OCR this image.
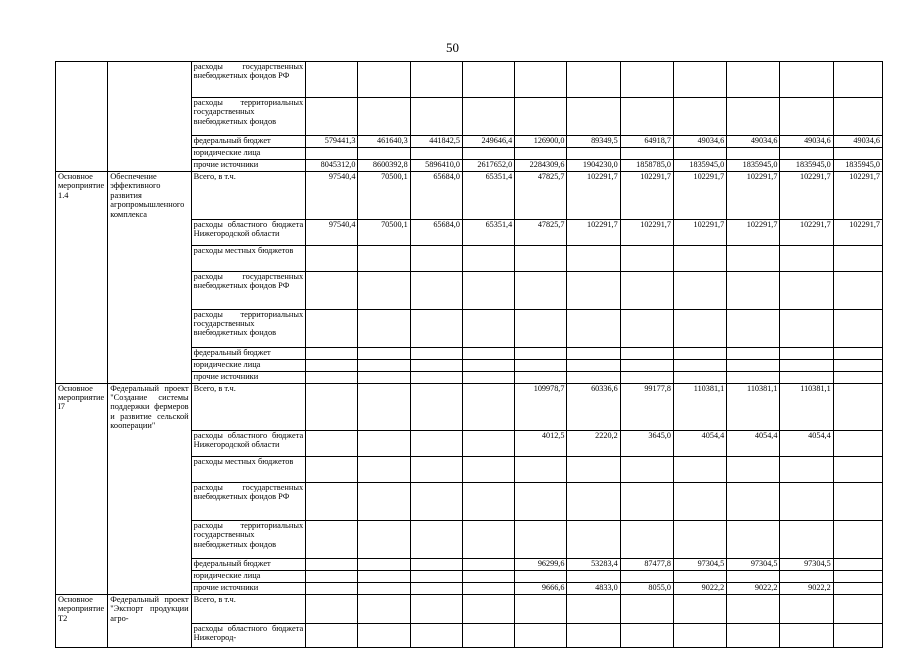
50
		расходы государственных внебюджетных фондов РФ											
		расходы территориальных государственных внебюджетных фондов											
		федеральный бюджет	579441,3	461640,3	441842,5	249646,4	126900,0	89349,5	64918,7	49034,6	49034,6	49034,6	49034,6
		юридические лица											
		прочие источники	8045312,0	8600392,8	5896410,0	2617652,0	2284309,6	1904230,0	1858785,0	1835945,0	1835945,0	1835945,0	1835945,0
Основное мероприятие 1.4	Обеспечение эффективного развития агропромышленного комплекса	Всего, в т.ч.	97540,4	70500,1	65684,0	65351,4	47825,7	102291,7	102291,7	102291,7	102291,7	102291,7	102291,7
		расходы областного бюджета Нижегородской области	97540,4	70500,1	65684,0	65351,4	47825,7	102291,7	102291,7	102291,7	102291,7	102291,7	102291,7
		расходы местных бюджетов											
		расходы государственных внебюджетных фондов РФ											
		расходы территориальных государственных внебюджетных фондов											
		федеральный бюджет											
		юридические лица											
		прочие источники											
Основное мероприятие I7	Федеральный проект "Создание системы поддержки фермеров и развитие сельской кооперации"	Всего, в т.ч.					109978,7	60336,6	99177,8	110381,1	110381,1	110381,1	
		расходы областного бюджета Нижегородской области					4012,5	2220,2	3645,0	4054,4	4054,4	4054,4	
		расходы местных бюджетов											
		расходы государственных внебюджетных фондов РФ											
		расходы территориальных государственных внебюджетных фондов											
		федеральный бюджет					96299,6	53283,4	87477,8	97304,5	97304,5	97304,5	
		юридические лица											
		прочие источники					9666,6	4833,0	8055,0	9022,2	9022,2	9022,2	
Основное мероприятие T2	Федеральный проект "Экспорт продукции агро-	Всего, в т.ч.											
		расходы областного бюджета Нижегород-											
